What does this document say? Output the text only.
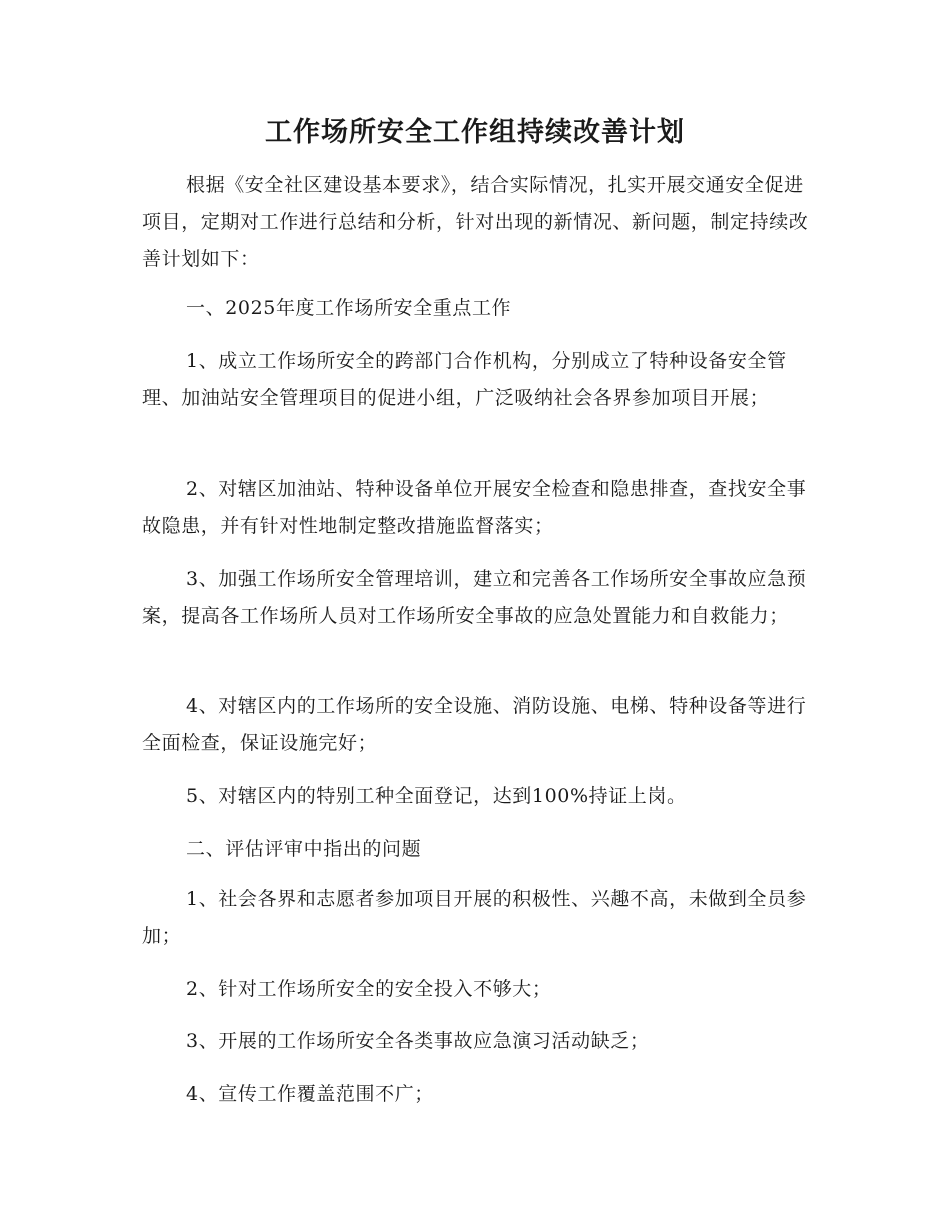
工作场所安全工作组持续改善计划

根据《安全社区建设基本要求》，结合实际情况，扎实开展交通安全促进项目，定期对工作进行总结和分析，针对出现的新情况、新问题，制定持续改善计划如下：

一、2025年度工作场所安全重点工作

1、成立工作场所安全的跨部门合作机构，分别成立了特种设备安全管理、加油站安全管理项目的促进小组，广泛吸纳社会各界参加项目开展；

2、对辖区加油站、特种设备单位开展安全检查和隐患排查，查找安全事故隐患，并有针对性地制定整改措施监督落实；

3、加强工作场所安全管理培训，建立和完善各工作场所安全事故应急预案，提高各工作场所人员对工作场所安全事故的应急处置能力和自救能力；

4、对辖区内的工作场所的安全设施、消防设施、电梯、特种设备等进行全面检查，保证设施完好；

5、对辖区内的特别工种全面登记，达到100%持证上岗。

二、评估评审中指出的问题

1、社会各界和志愿者参加项目开展的积极性、兴趣不高，未做到全员参加；

2、针对工作场所安全的安全投入不够大；

3、开展的工作场所安全各类事故应急演习活动缺乏；

4、宣传工作覆盖范围不广；
